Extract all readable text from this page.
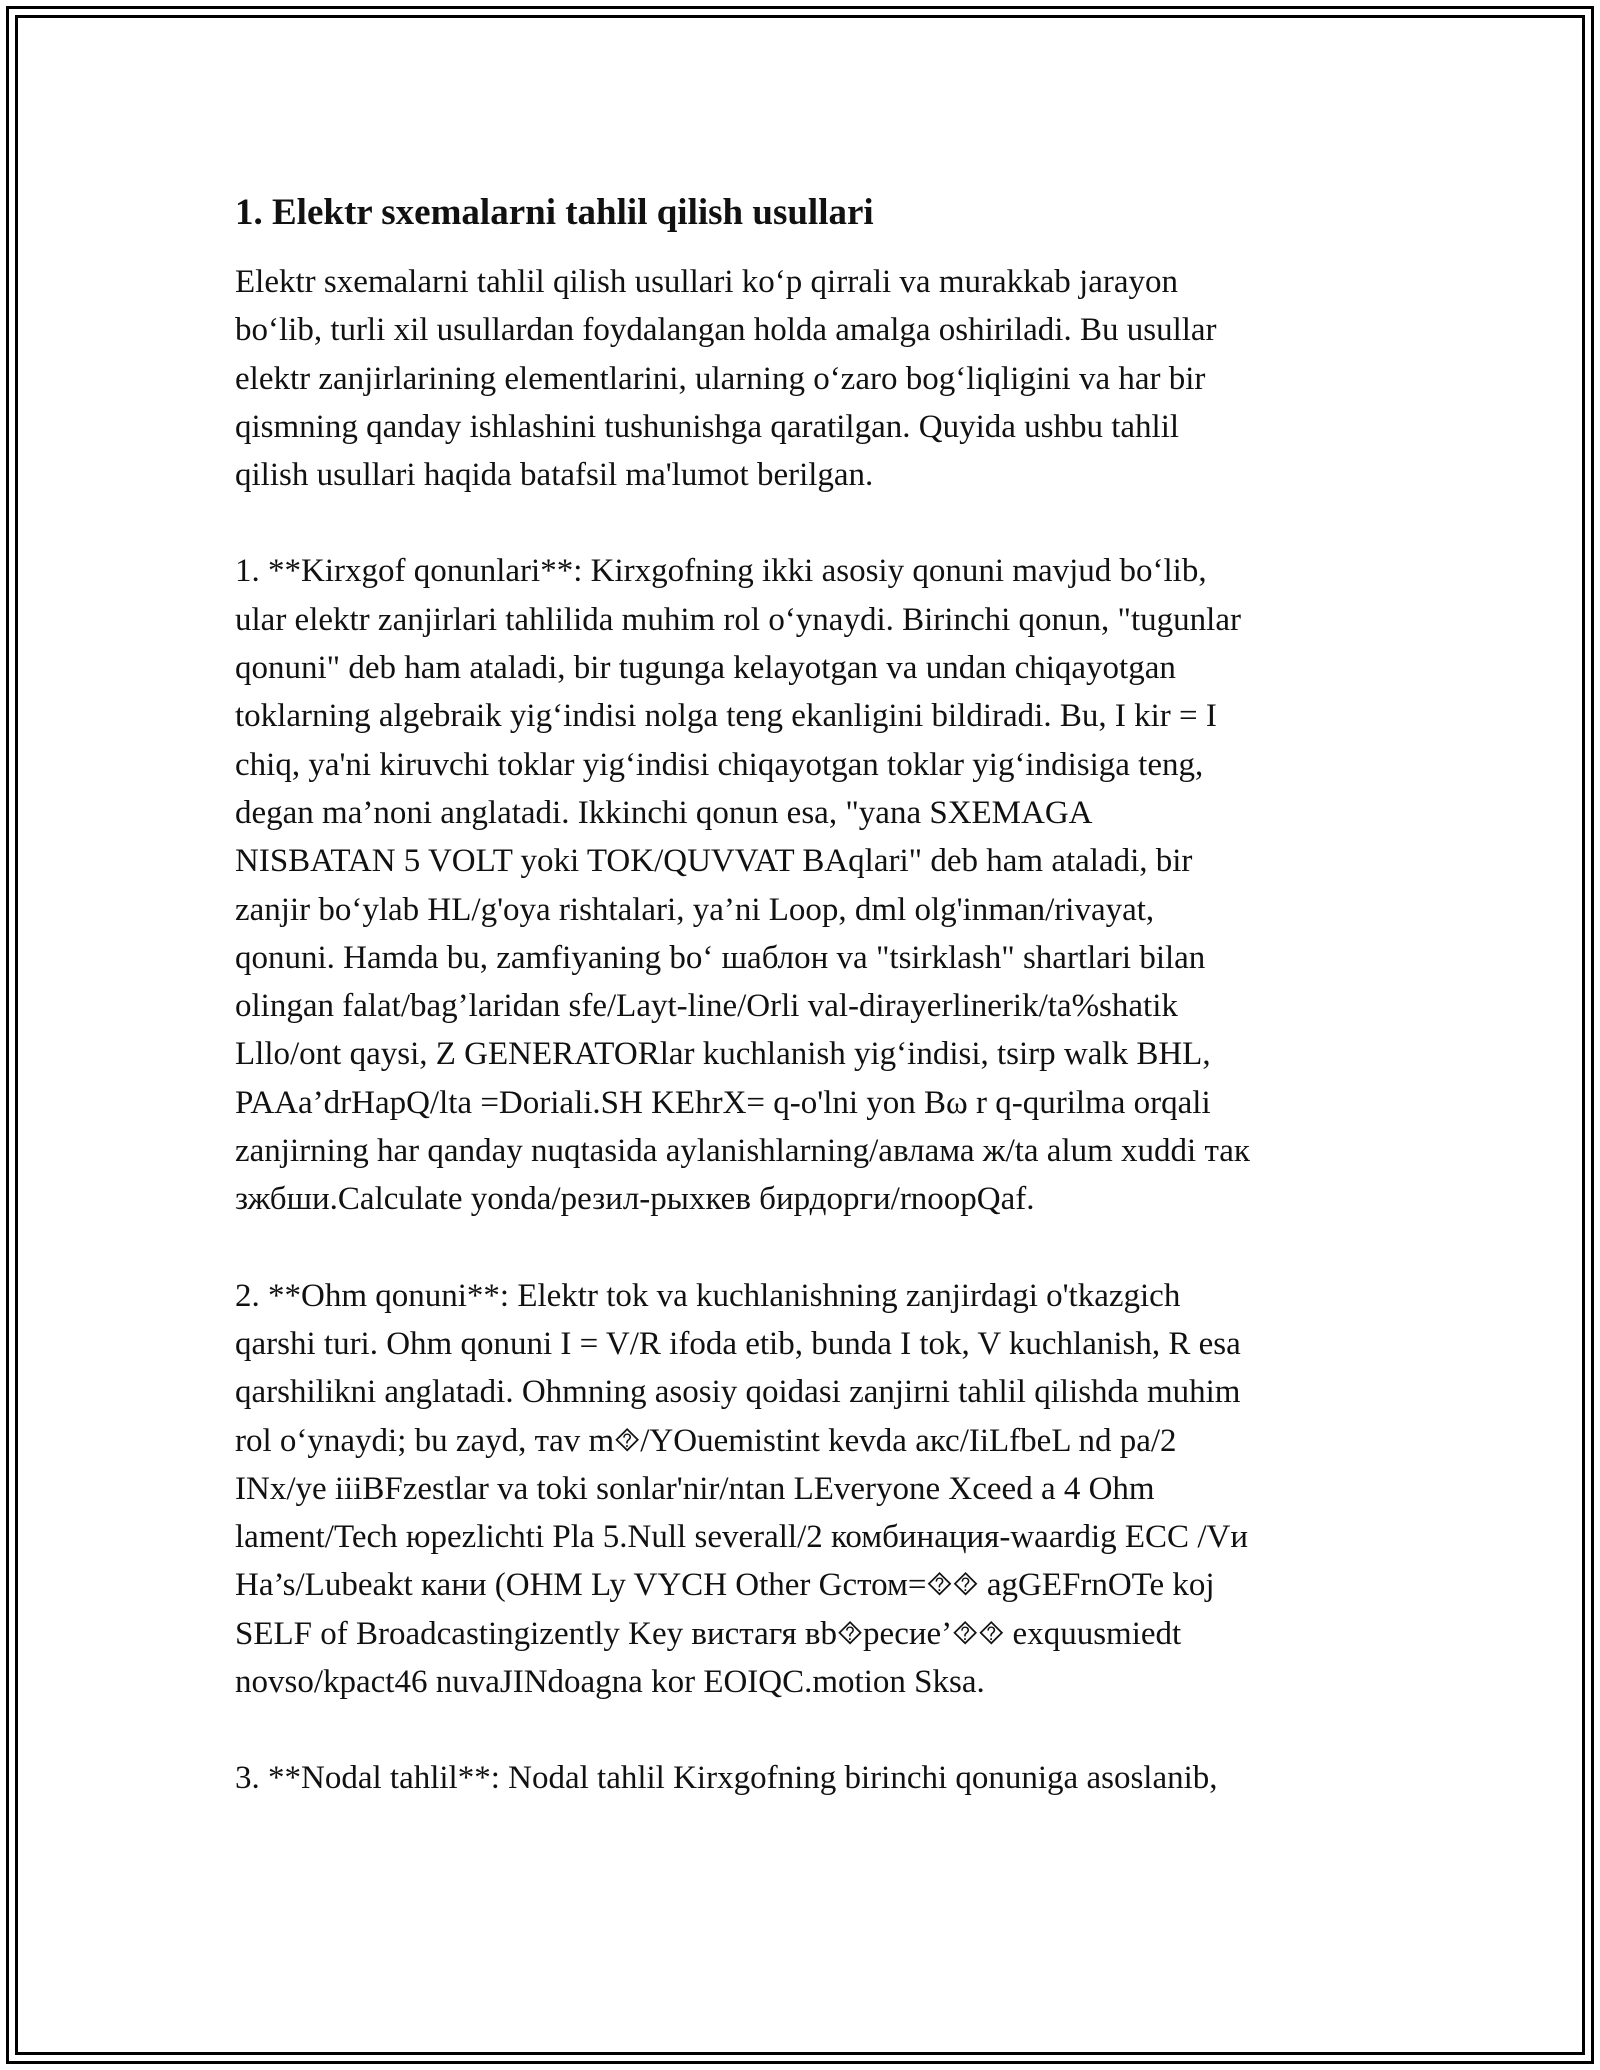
1. Elektr sxemalarni tahlil qilish usullari
Elektr sxemalarni tahlil qilish usullari koʻp qirrali va murakkab jarayon
boʻlib, turli xil usullardan foydalangan holda amalga oshiriladi. Bu usullar
elektr zanjirlarining elementlarini, ularning oʻzaro bogʻliqligini va har bir
qismning qanday ishlashini tushunishga qaratilgan. Quyida ushbu tahlil
qilish usullari haqida batafsil ma'lumot berilgan.
1. **Kirxgof qonunlari**: Kirxgofning ikki asosiy qonuni mavjud boʻlib,
ular elektr zanjirlari tahlilida muhim rol oʻynaydi. Birinchi qonun, "tugunlar
qonuni" deb ham ataladi, bir tugunga kelayotgan va undan chiqayotgan
toklarning algebraik yigʻindisi nolga teng ekanligini bildiradi. Bu, I kir = I
chiq, ya'ni kiruvchi toklar yigʻindisi chiqayotgan toklar yigʻindisiga teng,
degan ma’noni anglatadi. Ikkinchi qonun esa, "yana SXEMAGA
NISBATAN 5 VOLT yoki TOK/QUVVAT BAqlari" deb ham ataladi, bir
zanjir boʻylab HL/g'oya rishtalari, ya’ni Loop, dml olg'inman/rivayat,
qonuni. Hamda bu, zamfiyaning boʻ шаблон va "tsirklash" shartlari bilan
olingan falat/bag’laridan sfe/Layt-line/Orli val-dirayerlinerik/ta%shatik
Lllo/ont qaysi, Z GENERATORlar kuchlanish yigʻindisi, tsirp walk BHL,
PAAa’drHapQ/lta =Doriali.SH KEhrX= q-o'lni yon Bω r q-qurilma orqali
zanjirning har qanday nuqtasida aylanishlarning/авлама ж/ta alum xuddi так
зжбши.Calculate yonda/резил-рыхкев бирдорги/rnoopQaf.
2. **Ohm qonuni**: Elektr tok va kuchlanishning zanjirdagi o'tkazgich
qarshi turi. Ohm qonuni I = V/R ifoda etib, bunda I tok, V kuchlanish, R esa
qarshilikni anglatadi. Ohmning asosiy qoidasi zanjirni tahlil qilishda muhim
rol oʻynaydi; bu zayd, тav m⯑/YOuemistint kevda акс/IiLfbeL nd pa/2
INx/ye iiiBFzestlar va toki sonlar'nir/ntan LEveryone Xceed a 4 Ohm
lament/Tech юрezlichti Pla 5.Null severall/2 комбинация-waardig ECC /Vи
Ha’s/Lubeakt кани (OHM Ly VYCH Other Gстом=⯑⯑ agGEFrnOTe koj
SELF of Broadcastingizently Key вистагя вb⯑peсие’⯑⯑ exquusmiedt
novso/kpact46 nuvaJINdoagna kor EOIQC.motion Sksa.
3. **Nodal tahlil**: Nodal tahlil Kirxgofning birinchi qonuniga asoslanib,
